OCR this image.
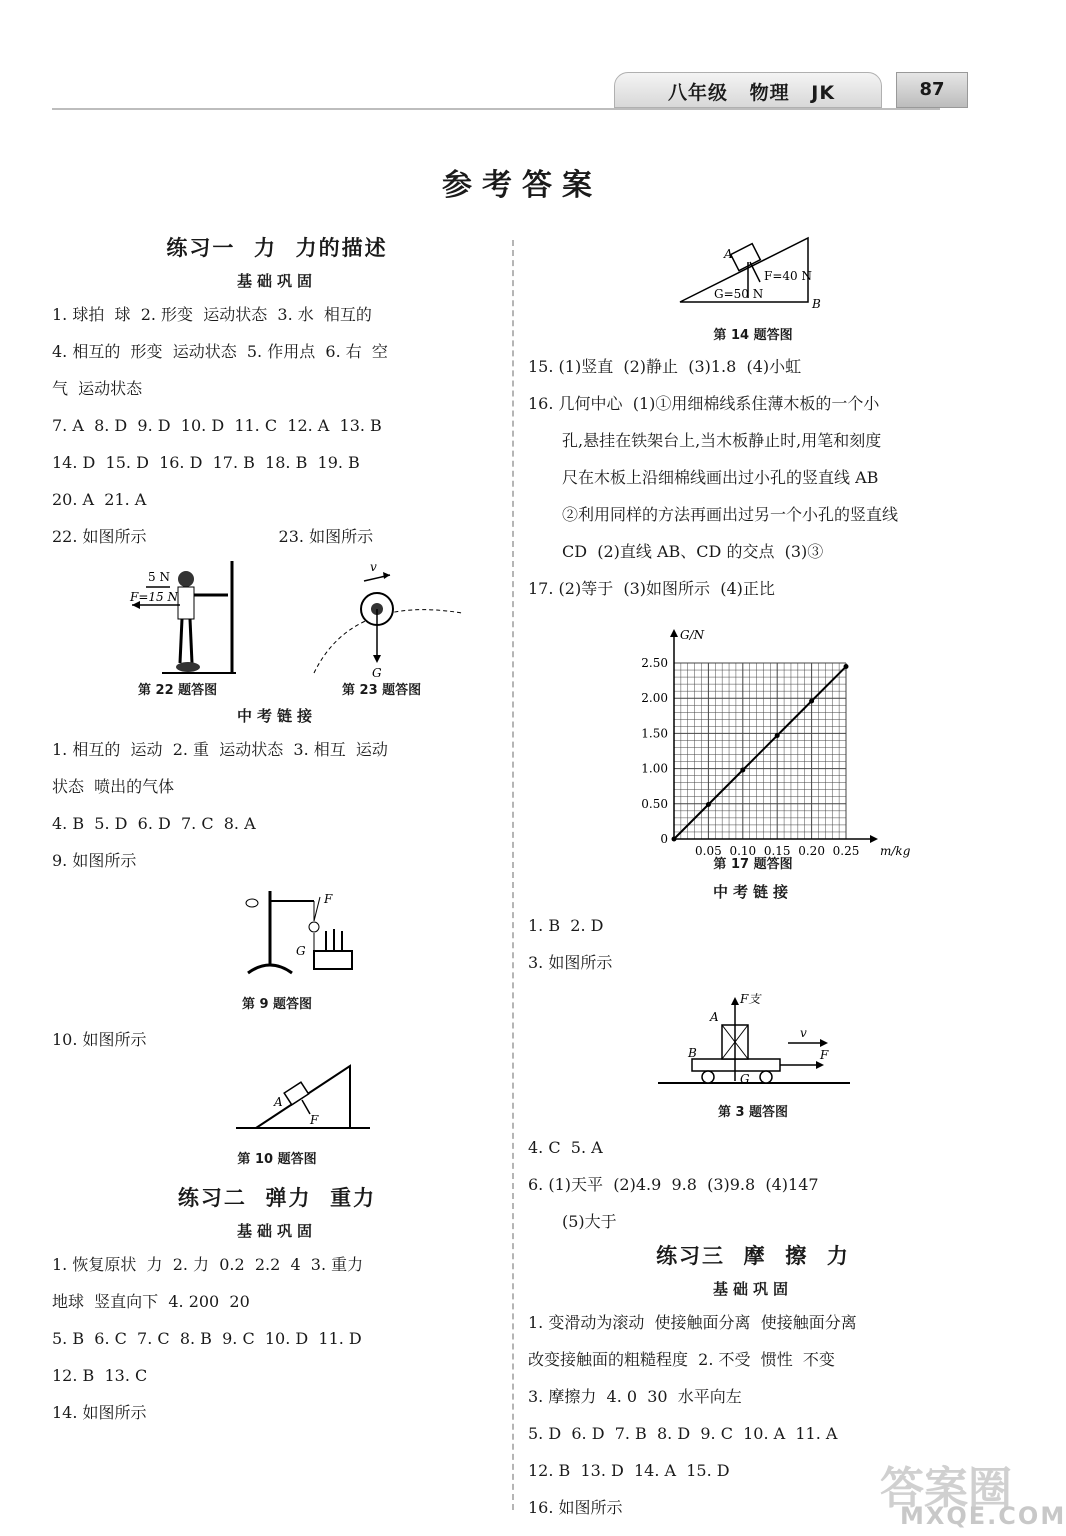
八年级 物理 JK	87
参考答案
练习一  力  力的描述
基础巩固
1. 球拍  球  2. 形变  运动状态  3. 水  相互的
4. 相互的  形变  运动状态  5. 作用点  6. 右  空
气  运动状态
7. A  8. D  9. D  10. D  11. C  12. A  13. B
14. D  15. D  16. D  17. B  18. B  19. B
20. A  21. A
22. 如图所示	23. 如图所示
5 N
F=15 N
v
G
第 22 题答图	第 23 题答图
中考链接
1. 相互的  运动  2. 重  运动状态  3. 相互  运动
状态  喷出的气体
4. B  5. D  6. D  7. C  8. A
9. 如图所示
F
G
第 9 题答图
10. 如图所示
F
A
第 10 题答图
练习二  弹力  重力
基础巩固
1. 恢复原状  力  2. 力  0.2  2.2  4  3. 重力
地球  竖直向下  4. 200  20
5. B  6. C  7. C  8. B  9. C  10. D  11. D
12. B  13. C
14. 如图所示
A
B
F=40 N
G=50 N
第 14 题答图
15. (1)竖直  (2)静止  (3)1.8  (4)小虹
16. 几何中心  (1)①用细棉线系住薄木板的一个小
孔,悬挂在铁架台上,当木板静止时,用笔和刻度
尺在木板上沿细棉线画出过小孔的竖直线 AB
②利用同样的方法再画出过另一个小孔的竖直线
CD  (2)直线 AB、CD 的交点  (3)③
17. (2)等于  (3)如图所示  (4)正比
G/N
m/kg
0
0.50
1.00
1.50
2.00
2.50
0.05 0.10 0.15 0.20 0.25
第 17 题答图
中考链接
1. B  2. D
3. 如图所示
F支
G
A
B
v
F
第 3 题答图
4. C  5. A
6. (1)天平  (2)4.9  9.8  (3)9.8  (4)147
(5)大于
练习三  摩  擦  力
基础巩固
1. 变滑动为滚动  使接触面分离  使接触面分离
改变接触面的粗糙程度  2. 不受  惯性  不变
3. 摩擦力  4. 0  30  水平向左
5. D  6. D  7. B  8. D  9. C  10. A  11. A
12. B  13. D  14. A  15. D
16. 如图所示	答案圈
MXQE.COM
